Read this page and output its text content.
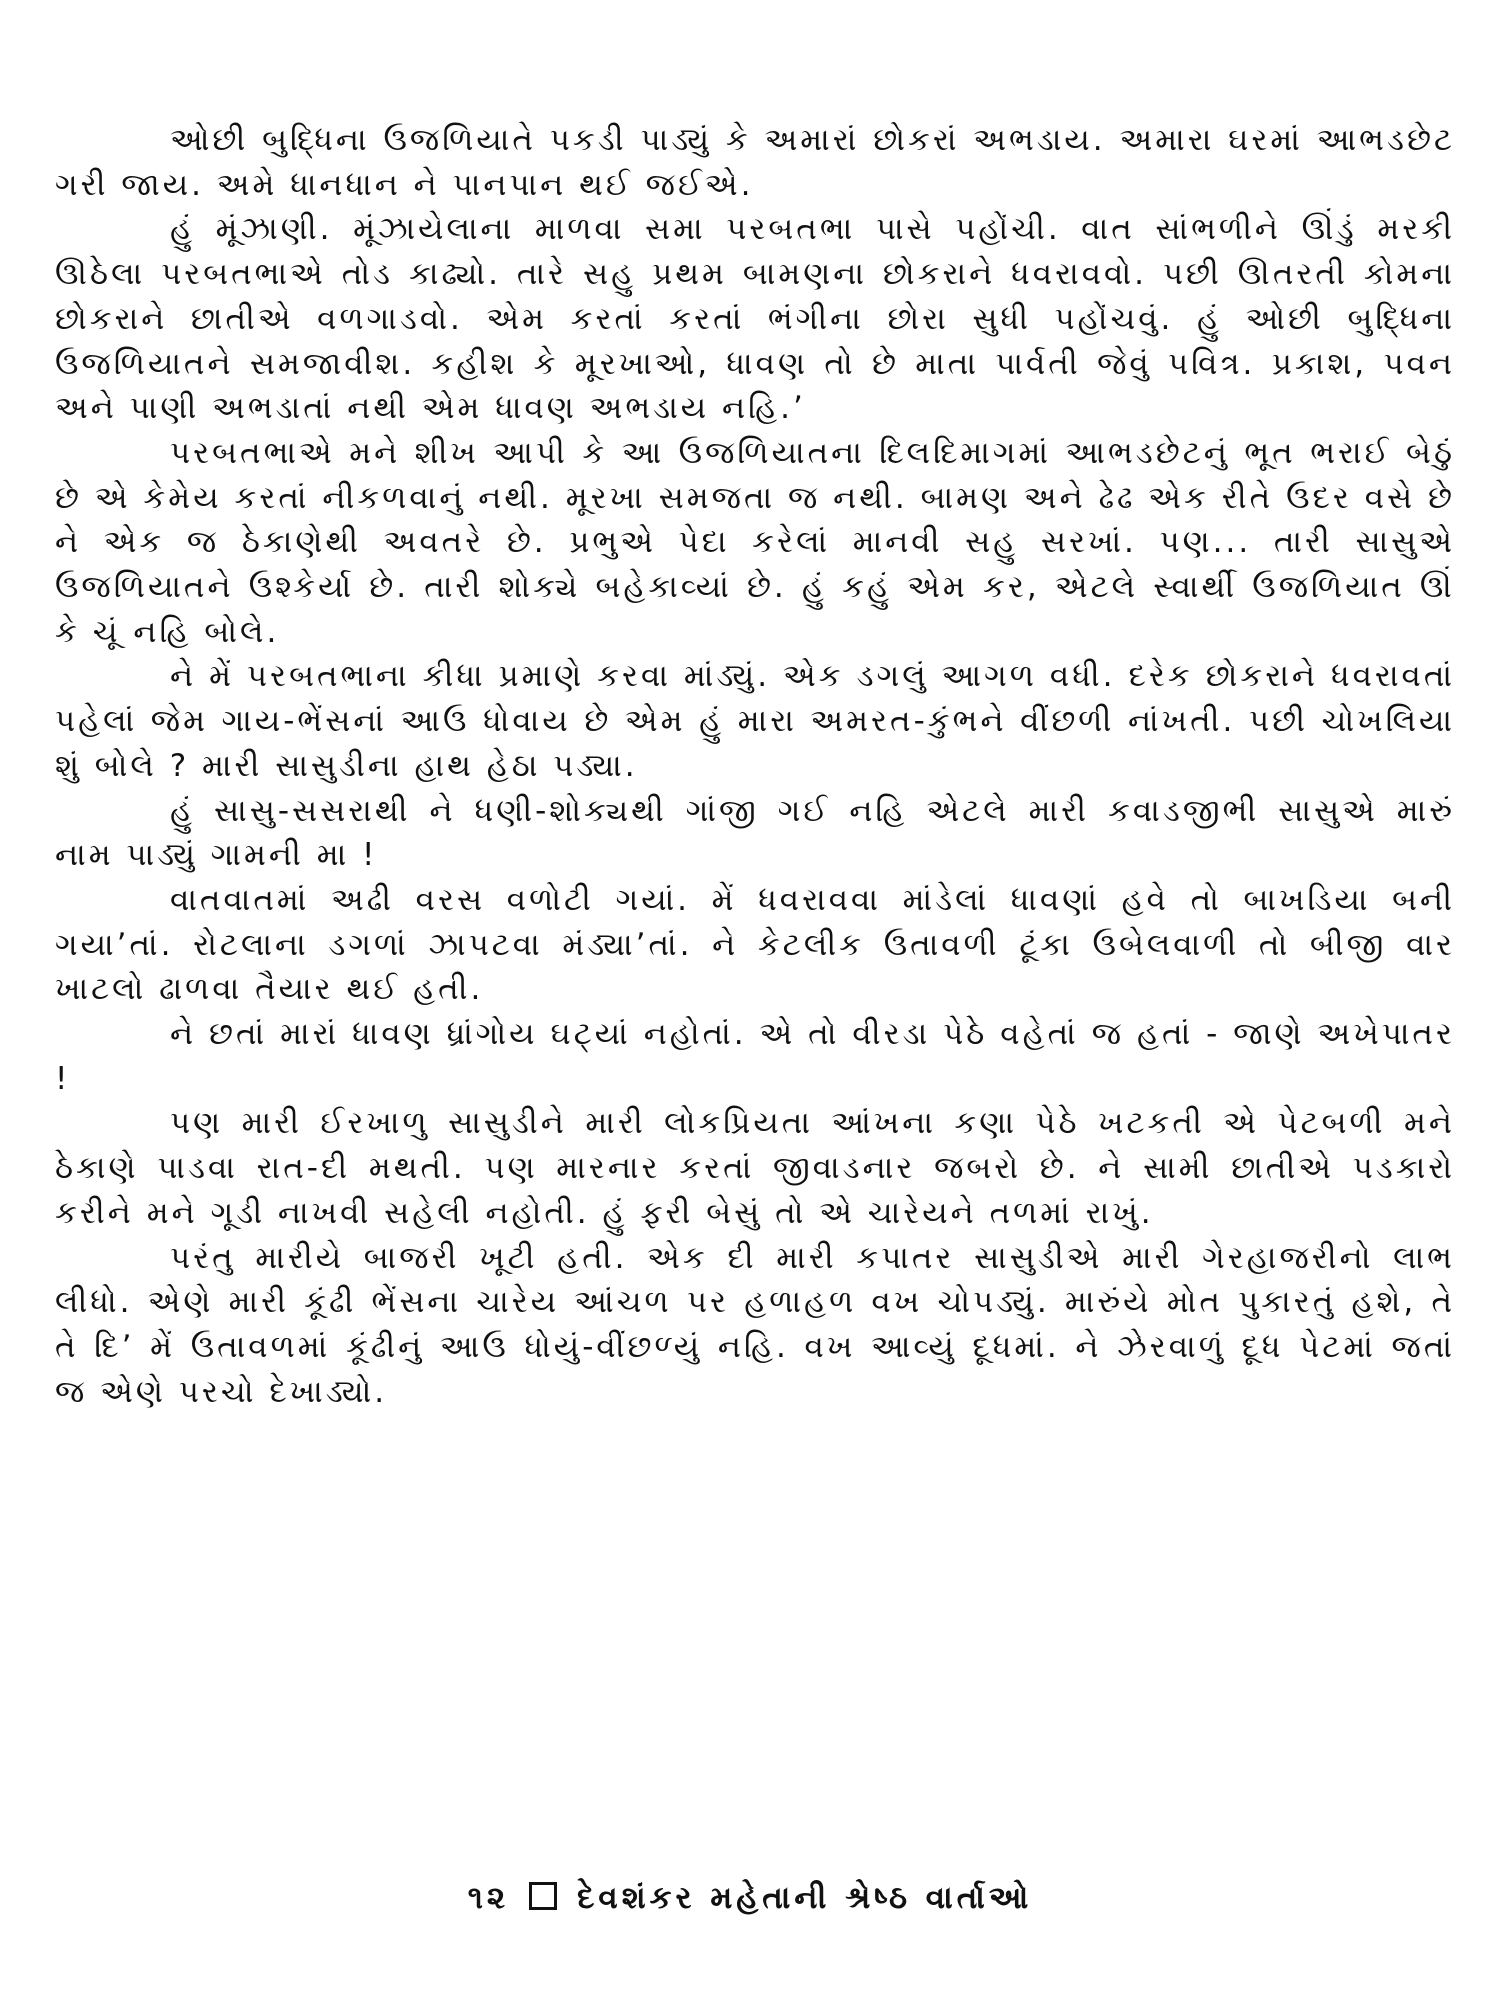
ઓછી બુદ્ધિના ઉજળિયાતે પકડી પાડ્યું કે અમારાં છોકરાં અભડાય. અમારા ઘરમાં આભડછેટ ગરી જાય. અમે ધાનધાન ને પાનપાન થઈ જઈએ.

હું મૂંઝાણી. મૂંઝાયેલાના માળવા સમા પરબતભા પાસે પહોંચી. વાત સાંભળીને ઊંડું મરકી ઊઠેલા પરબતભાએ તોડ કાઢ્યો. તારે સહુ પ્રથમ બામણના છોકરાને ધવરાવવો. પછી ઊતરતી કોમના છોકરાને છાતીએ વળગાડવો. એમ કરતાં કરતાં ભંગીના છોરા સુધી પહોંચવું. હું ઓછી બુદ્ધિના ઉજળિયાતને સમજાવીશ. કહીશ કે મૂરખાઓ, ધાવણ તો છે માતા પાર્વતી જેવું પવિત્ર. પ્રકાશ, પવન અને પાણી અભડાતાં નથી એમ ધાવણ અભડાય નહિ.’

પરબતભાએ મને શીખ આપી કે આ ઉજળિયાતના દિલદિમાગમાં આભડછેટનું ભૂત ભરાઈ બેઠું છે એ કેમેય કરતાં નીકળવાનું નથી. મૂરખા સમજતા જ નથી. બામણ અને ઢેઢ એક રીતે ઉદર વસે છે ને એક જ ઠેકાણેથી અવતરે છે. પ્રભુએ પેદા કરેલાં માનવી સહુ સરખાં. પણ... તારી સાસુએ ઉજળિયાતને ઉશ્કેર્યા છે. તારી શોક્યે બહેકાવ્યાં છે. હું કહું એમ કર, એટલે સ્વાર્થી ઉજળિયાત ઊં કે ચૂં નહિ બોલે.

ને મેં પરબતભાના કીધા પ્રમાણે કરવા માંડ્યું. એક ડગલું આગળ વધી. દરેક છોકરાને ધવરાવતાં પહેલાં જેમ ગાય-ભેંસનાં આઉ ધોવાય છે એમ હું મારા અમરત-કુંભને વીંછળી નાંખતી. પછી ચોખલિયા શું બોલે ? મારી સાસુડીના હાથ હેઠા પડ્યા.

હું સાસુ-સસરાથી ને ધણી-શોક્યથી ગાંજી ગઈ નહિ એટલે મારી કવાડજીભી સાસુએ મારું નામ પાડ્યું ગામની મા !

વાતવાતમાં અઢી વરસ વળોટી ગયાં. મેં ધવરાવવા માંડેલાં ધાવણાં હવે તો બાખડિયા બની ગયા’તાં. રોટલાના ડગળાં ઝાપટવા મંડ્યા’તાં. ને કેટલીક ઉતાવળી ટૂંકા ઉબેલવાળી તો બીજી વાર ખાટલો ઢાળવા તૈયાર થઈ હતી.

ને છતાં મારાં ધાવણ ધ્રાંગોય ઘટ્યાં નહોતાં. એ તો વીરડા પેઠે વહેતાં જ હતાં - જાણે અખેપાતર !

પણ મારી ઈરખાળુ સાસુડીને મારી લોકપ્રિયતા આંખના કણા પેઠે ખટકતી એ પેટબળી મને ઠેકાણે પાડવા રાત-દી મથતી. પણ મારનાર કરતાં જીવાડનાર જબરો છે. ને સામી છાતીએ પડકારો કરીને મને ગૂડી નાખવી સહેલી નહોતી. હું ફરી બેસું તો એ ચારેયને તળમાં રાખું.

પરંતુ મારીયે બાજરી ખૂટી હતી. એક દી મારી કપાતર સાસુડીએ મારી ગેરહાજરીનો લાભ લીધો. એણે મારી કૂંઢી ભેંસના ચારેય આંચળ પર હળાહળ વખ ચોપડ્યું. મારુંયે મોત પુકારતું હશે, તે તે દિ’ મેં ઉતાવળમાં કૂંઢીનું આઉ ધોયું-વીંછળ્યું નહિ. વખ આવ્યું દૂધમાં. ને ઝેરવાળું દૂધ પેટમાં જતાં જ એણે પરચો દેખાડ્યો.

૧૨ દેવશંકર મહેતાની શ્રેષ્ઠ વાર્તાઓ
